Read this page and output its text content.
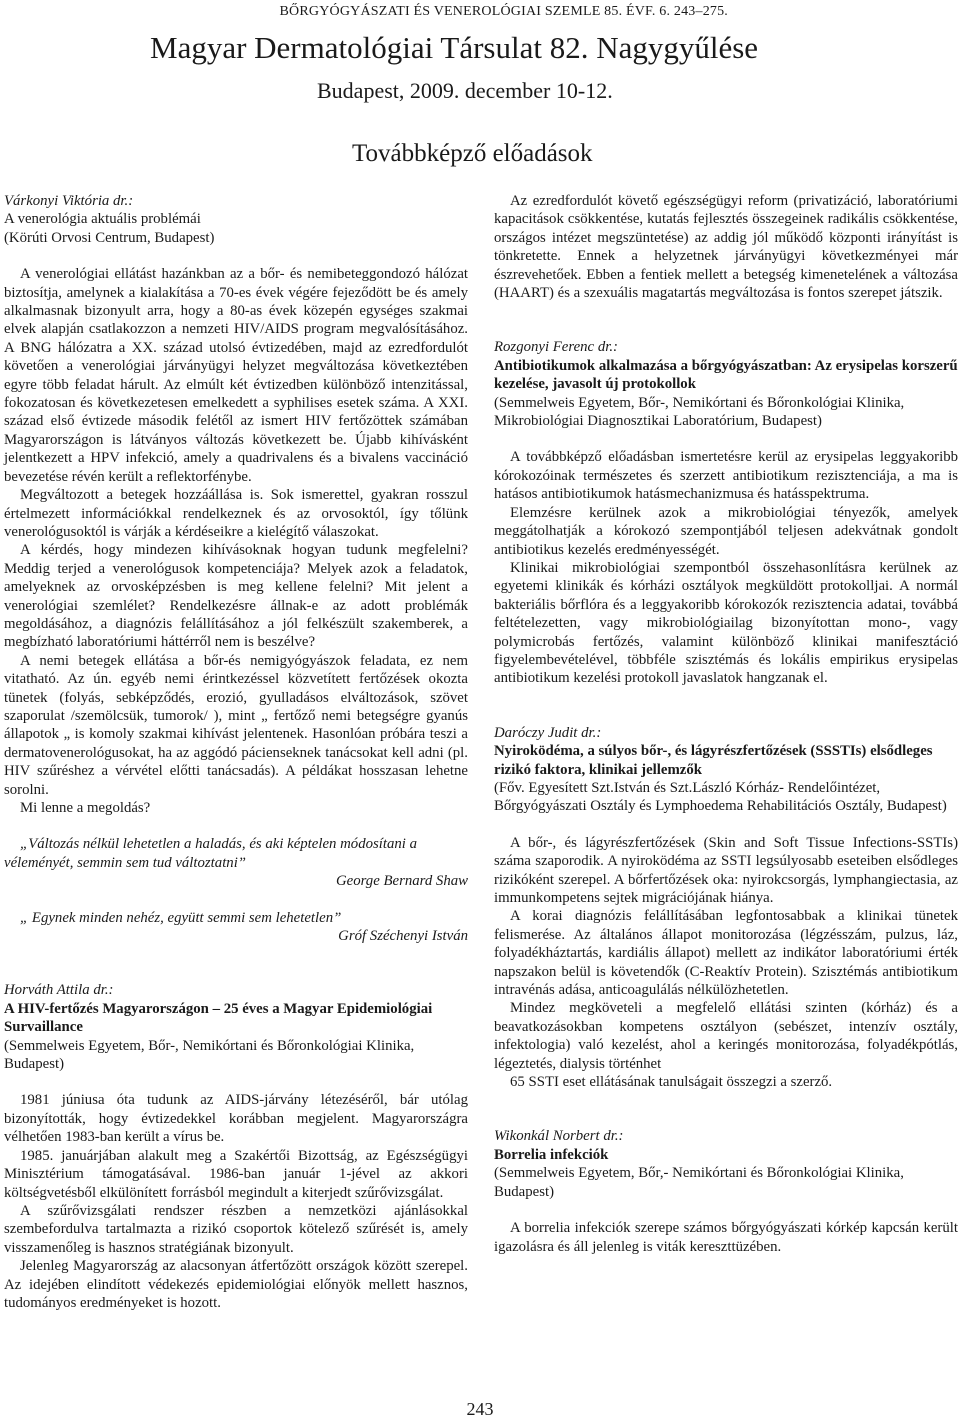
BŐRGYÓGYÁSZATI ÉS VENEROLÓGIAI SZEMLE 85. ÉVF. 6. 243–275.
Magyar Dermatológiai Társulat 82. Nagygyűlése
Budapest, 2009. december 10-12.
Továbbképző előadások
Várkonyi Viktória dr.:
A venerológia aktuális problémái
(Körúti Orvosi Centrum, Budapest)

A venerológiai ellátást hazánkban az a bőr- és nemibeteggondozó hálózat biztosítja, amelynek a kialakítása a 70-es évek végére fejeződött be és amely alkalmasnak bizonyult arra, hogy a 80-as évek közepén egységes szakmai elvek alapján csatlakozzon a nemzeti HIV/AIDS program megvalósításához. A BNG hálózatra a XX. század utolsó évtizedében, majd az ezredfordulót követően a venerológiai járványügyi helyzet megváltozása következtében egyre több feladat hárult. Az elmúlt két évtizedben különböző intenzitással, fokozatosan és következetesen emelkedett a syphilises esetek száma. A XXI. század első évtizede második felétől az ismert HIV fertőzöttek számában Magyarországon is látványos változás következett be. Újabb kihívásként jelentkezett a HPV infekció, amely a quadrivalens és a bivalens vaccináció bevezetése révén került a reflektorfénybe.

Megváltozott a betegek hozzáállása is. Sok ismerettel, gyakran rosszul értelmezett információkkal rendelkeznek és az orvosoktól, így tőlünk venerológusoktól is várják a kérdéseikre a kielégítő válaszokat.

A kérdés, hogy mindezen kihívásoknak hogyan tudunk megfelelni? Meddig terjed a venerológusok kompetenciája? Melyek azok a feladatok, amelyeknek az orvosképzésben is meg kellene felelni? Mit jelent a venerológiai szemlélet? Rendelkezésre állnak-e az adott problémák megoldásához, a diagnózis felállításához a jól felkészült szakemberek, a megbízható laboratóriumi háttérről nem is beszélve?

A nemi betegek ellátása a bőr-és nemigyógyászok feladata, ez nem vitatható. Az ún. egyéb nemi érintkezéssel közvetített fertőzések okozta tünetek (folyás, sebképződés, erozió, gyulladásos elváltozások, szövet szaporulat /szemölcsük, tumorok/ ), mint „ fertőző nemi betegségre gyanús állapotok „ is komoly szakmai kihívást jelentenek. Hasonlóan próbára teszi a dermatovenerológusokat, ha az aggódó pácienseknek tanácsokat kell adni (pl. HIV szűréshez a vérvétel előtti tanácsadás). A példákat hosszasan lehetne sorolni.

Mi lenne a megoldás?

„Változás nélkül lehetetlen a haladás, és aki képtelen módosítani a véleményét, semmin sem tud változtatni”

George Bernard Shaw

„ Egynek minden nehéz, együtt semmi sem lehetetlen”

Gróf Széchenyi István

Horváth Attila dr.:
A HIV-fertőzés Magyarországon – 25 éves a Magyar Epidemiológiai Survaillance
(Semmelweis Egyetem, Bőr-, Nemikórtani és Bőronkológiai Klinika, Budapest)

1981 júniusa óta tudunk az AIDS-járvány létezéséről, bár utólag bizonyították, hogy évtizedekkel korábban megjelent. Magyarországra vélhetően 1983-ban került a vírus be.

1985. januárjában alakult meg a Szakértői Bizottság, az Egészségügyi Minisztérium támogatásával. 1986-ban január 1-jével az akkori költségvetésből elkülönített forrásból megindult a kiterjedt szűrővizsgálat.

A szűrővizsgálati rendszer részben a nemzetközi ajánlásokkal szembefordulva tartalmazta a rizikó csoportok kötelező szűrését is, amely visszamenőleg is hasznos stratégiának bizonyult.

Jelenleg Magyarország az alacsonyan átfertőzött országok között szerepel. Az idejében elindított védekezés epidemiológiai előnyök mellett hasznos, tudományos eredményeket is hozott.

Az ezredfordulót követő egészségügyi reform (privatizáció, laboratóriumi kapacitások csökkentése, kutatás fejlesztés összegeinek radikális csökkentése, országos intézet megszüntetése) az addig jól működő központi irányítást is tönkretette. Ennek a helyzetnek járványügyi következményei már észrevehetőek. Ebben a fentiek mellett a betegség kimenetelének a változása (HAART) és a szexuális magatartás megváltozása is fontos szerepet játszik.

Rozgonyi Ferenc dr.:
Antibiotikumok alkalmazása a bőrgyógyászatban: Az erysipelas korszerű kezelése, javasolt új protokollok
(Semmelweis Egyetem, Bőr-, Nemikórtani és Bőronkológiai Klinika, Mikrobiológiai Diagnosztikai Laboratórium, Budapest)

A továbbképző előadásban ismertetésre kerül az erysipelas leggyakoribb kórokozóinak természetes és szerzett antibiotikum rezisztenciája, a ma is hatásos antibiotikumok hatásmechanizmusa és hatásspektruma.

Elemzésre kerülnek azok a mikrobiológiai tényezők, amelyek meggátolhatják a kórokozó szempontjából teljesen adekvátnak gondolt antibiotikus kezelés eredményességét.

Klinikai mikrobiológiai szempontból összehasonlításra kerülnek az egyetemi klinikák és kórházi osztályok megküldött protokolljai. A normál bakteriális bőrflóra és a leggyakoribb kórokozók rezisztencia adatai, továbbá feltételezetten, vagy mikrobiológiailag bizonyítottan mono-, vagy polymicrobás fertőzés, valamint különböző klinikai manifesztáció figyelembevételével, többféle szisztémás és lokális empirikus erysipelas antibiotikum kezelési protokoll javaslatok hangzanak el.

Daróczy Judit dr.:
Nyiroködéma, a súlyos bőr-, és lágyrészfertőzések (SSSTIs) elsődleges rizikó faktora, klinikai jellemzők
(Főv. Egyesített Szt.István és Szt.László Kórház- Rendelőintézet, Bőrgyógyászati Osztály és Lymphoedema Rehabilitációs Osztály, Budapest)

A bőr-, és lágyrészfertőzések (Skin and Soft Tissue Infections-SSTIs) száma szaporodik. A nyiroködéma az SSTI legsúlyosabb eseteiben elsődleges rizikóként szerepel. A bőrfertőzések oka: nyirokcsorgás, lymphangiectasia, az immunkompetens sejtek migrációjának hiánya.

A korai diagnózis felállításában legfontosabbak a klinikai tünetek felismerése. Az általános állapot monitorozása (légzésszám, pulzus, láz, folyadékháztartás, kardiális állapot) mellett az indikátor laboratóriumi érték napszakon belül is követendők (C-Reaktív Protein). Szisztémás antibiotikum intravénás adása, anticoagulálás nélkülözhetetlen.

Mindez megköveteli a megfelelő ellátási szinten (kórház) és a beavatkozásokban kompetens osztályon (sebészet, intenzív osztály, infektologia) való kezelést, ahol a keringés monitorozása, folyadékpótlás, légeztetés, dialysis történhet

65 SSTI eset ellátásának tanulságait összegzi a szerző.

Wikonkál Norbert dr.:
Borrelia infekciók
(Semmelweis Egyetem, Bőr,- Nemikórtani és Bőronkológiai Klinika, Budapest)

A borrelia infekciók szerepe számos bőrgyógyászati kórkép kapcsán került igazolásra és áll jelenleg is viták kereszttüzében.

243
